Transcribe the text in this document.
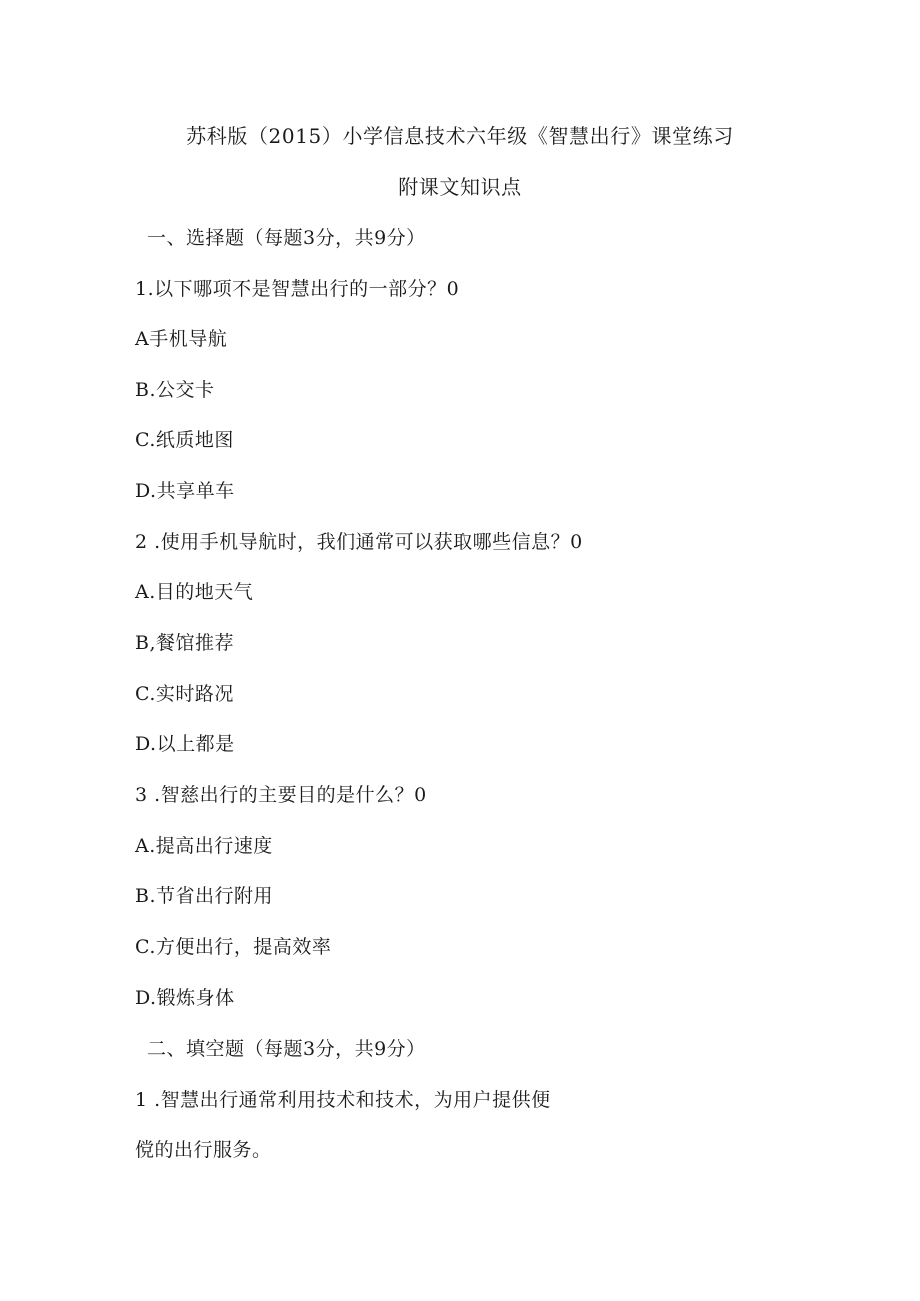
苏科版（2015）小学信息技术六年级《智慧出行》课堂练习
附课文知识点
一、选择题（每题3分，共9分）
1.以下哪项不是智慧出行的一部分？0
A手机导航
B.公交卡
C.纸质地图
D.共享单车
2 .使用手机导航时，我们通常可以获取哪些信息？0
A.目的地天气
B,餐馆推荐
C.实时路况
D.以上都是
3 .智慈出行的主要目的是什么？0
A.提高出行速度
B.节省出行附用
C.方便出行，提高效率
D.锻炼身体
二、填空题（每题3分，共9分）
1 .智慧出行通常利用技术和技术，为用户提供便
傥的出行服务。
